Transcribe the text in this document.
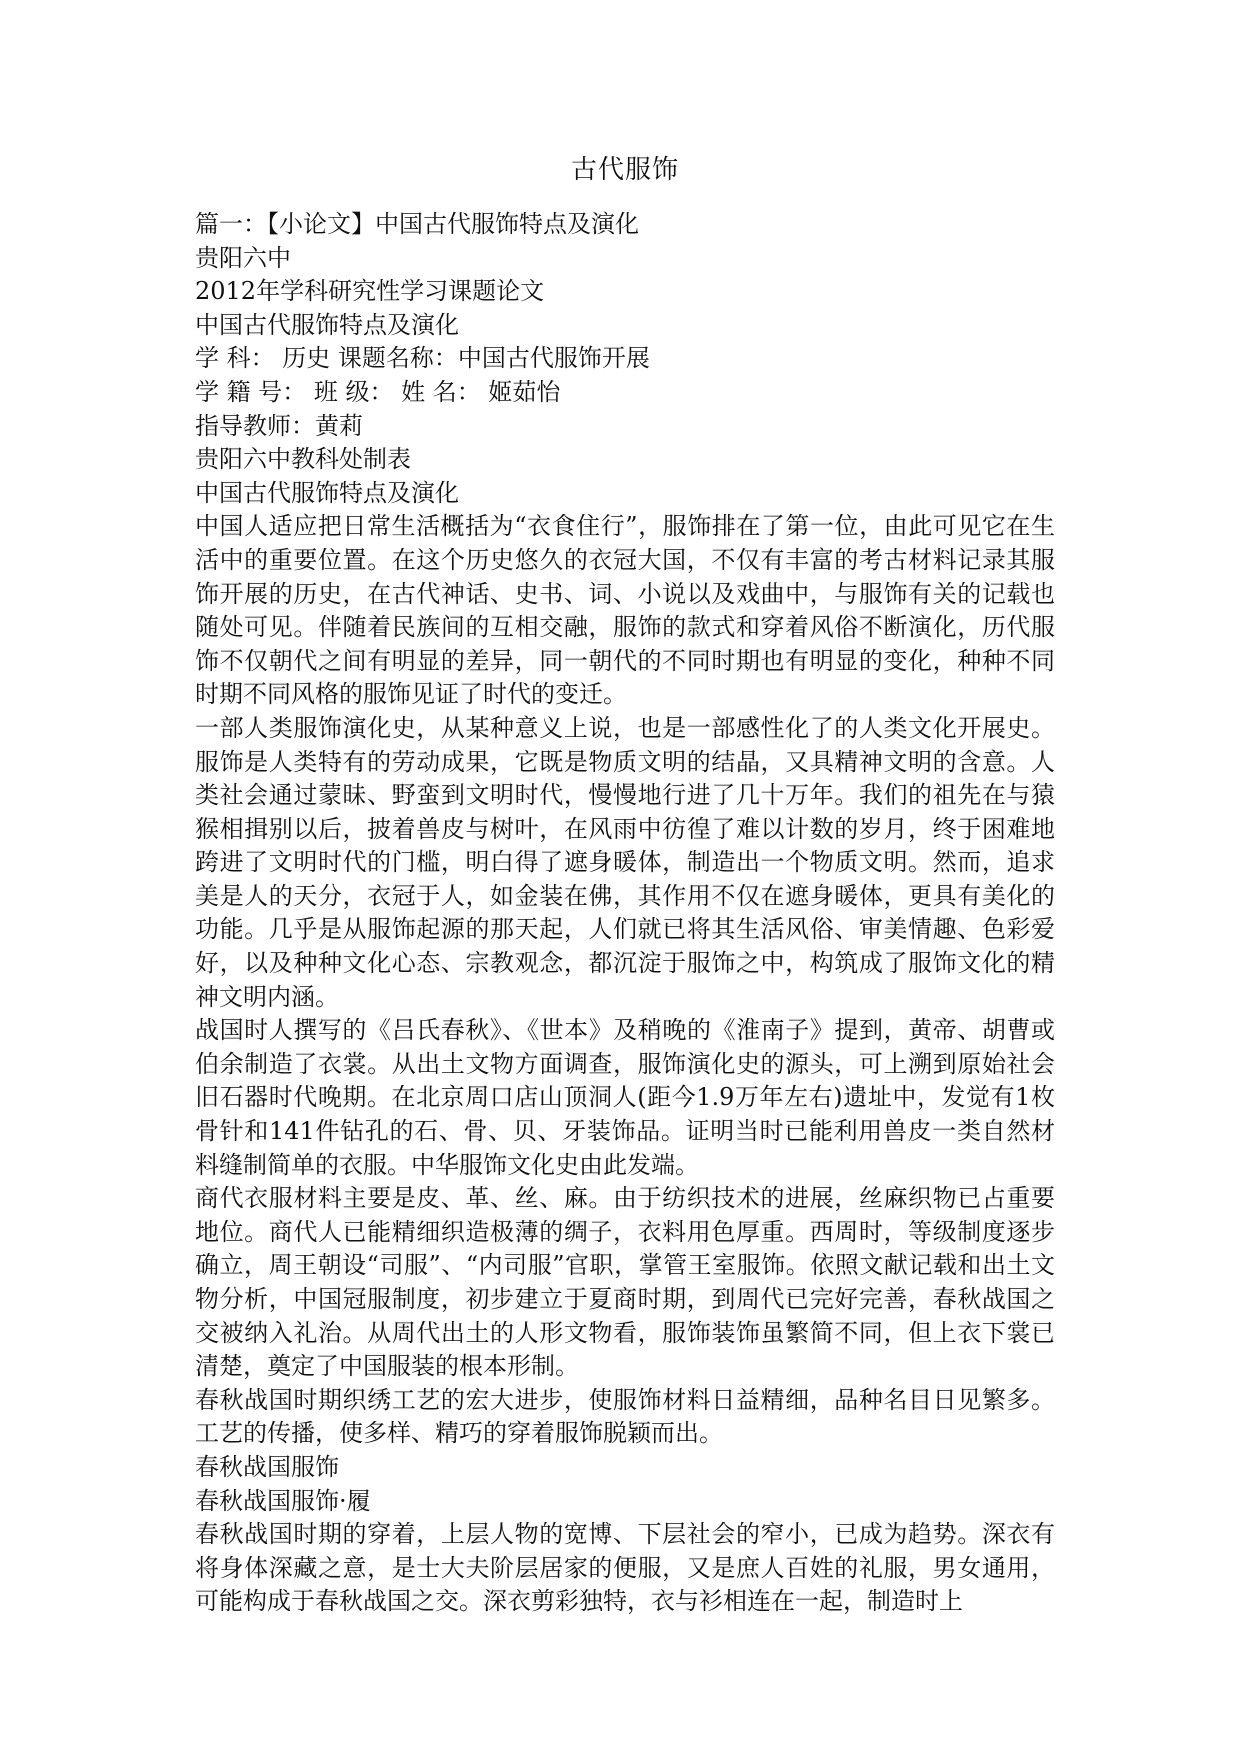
古代服饰

篇一：【小论文】中国古代服饰特点及演化

贵阳六中

2012年学科研究性学习课题论文

中国古代服饰特点及演化

学 科： 历史 课题名称：中国古代服饰开展

学 籍 号： 班 级： 姓 名： 姬茹怡

指导教师：黄莉

贵阳六中教科处制表

中国古代服饰特点及演化

中国人适应把日常生活概括为“衣食住行”，服饰排在了第一位，由此可见它在生活中的重要位置。在这个历史悠久的衣冠大国，不仅有丰富的考古材料记录其服饰开展的历史，在古代神话、史书、词、小说以及戏曲中，与服饰有关的记载也随处可见。伴随着民族间的互相交融，服饰的款式和穿着风俗不断演化，历代服饰不仅朝代之间有明显的差异，同一朝代的不同时期也有明显的变化，种种不同时期不同风格的服饰见证了时代的变迁。

一部人类服饰演化史，从某种意义上说，也是一部感性化了的人类文化开展史。服饰是人类特有的劳动成果，它既是物质文明的结晶，又具精神文明的含意。人类社会通过蒙昧、野蛮到文明时代，慢慢地行进了几十万年。我们的祖先在与猿猴相揖别以后，披着兽皮与树叶，在风雨中彷徨了难以计数的岁月，终于困难地跨进了文明时代的门槛，明白得了遮身暖体，制造出一个物质文明。然而，追求美是人的天分，衣冠于人，如金装在佛，其作用不仅在遮身暖体，更具有美化的功能。几乎是从服饰起源的那天起，人们就已将其生活风俗、审美情趣、色彩爱好，以及种种文化心态、宗教观念，都沉淀于服饰之中，构筑成了服饰文化的精神文明内涵。

战国时人撰写的《吕氏春秋》、《世本》及稍晚的《淮南子》提到，黄帝、胡曹或伯余制造了衣裳。从出土文物方面调查，服饰演化史的源头，可上溯到原始社会旧石器时代晚期。在北京周口店山顶洞人(距今1.9万年左右)遗址中，发觉有1枚骨针和141件钻孔的石、骨、贝、牙装饰品。证明当时已能利用兽皮一类自然材料缝制简单的衣服。中华服饰文化史由此发端。

商代衣服材料主要是皮、革、丝、麻。由于纺织技术的进展，丝麻织物已占重要地位。商代人已能精细织造极薄的绸子，衣料用色厚重。西周时，等级制度逐步确立，周王朝设“司服”、“内司服”官职，掌管王室服饰。依照文献记载和出土文物分析，中国冠服制度，初步建立于夏商时期，到周代已完好完善，春秋战国之交被纳入礼治。从周代出土的人形文物看，服饰装饰虽繁简不同，但上衣下裳已清楚，奠定了中国服装的根本形制。

春秋战国时期织绣工艺的宏大进步，使服饰材料日益精细，品种名目日见繁多。工艺的传播，使多样、精巧的穿着服饰脱颖而出。

春秋战国服饰

春秋战国服饰·履

春秋战国时期的穿着，上层人物的宽博、下层社会的窄小，已成为趋势。深衣有将身体深藏之意，是士大夫阶层居家的便服，又是庶人百姓的礼服，男女通用，可能构成于春秋战国之交。深衣剪彩独特，衣与衫相连在一起，制造时上
